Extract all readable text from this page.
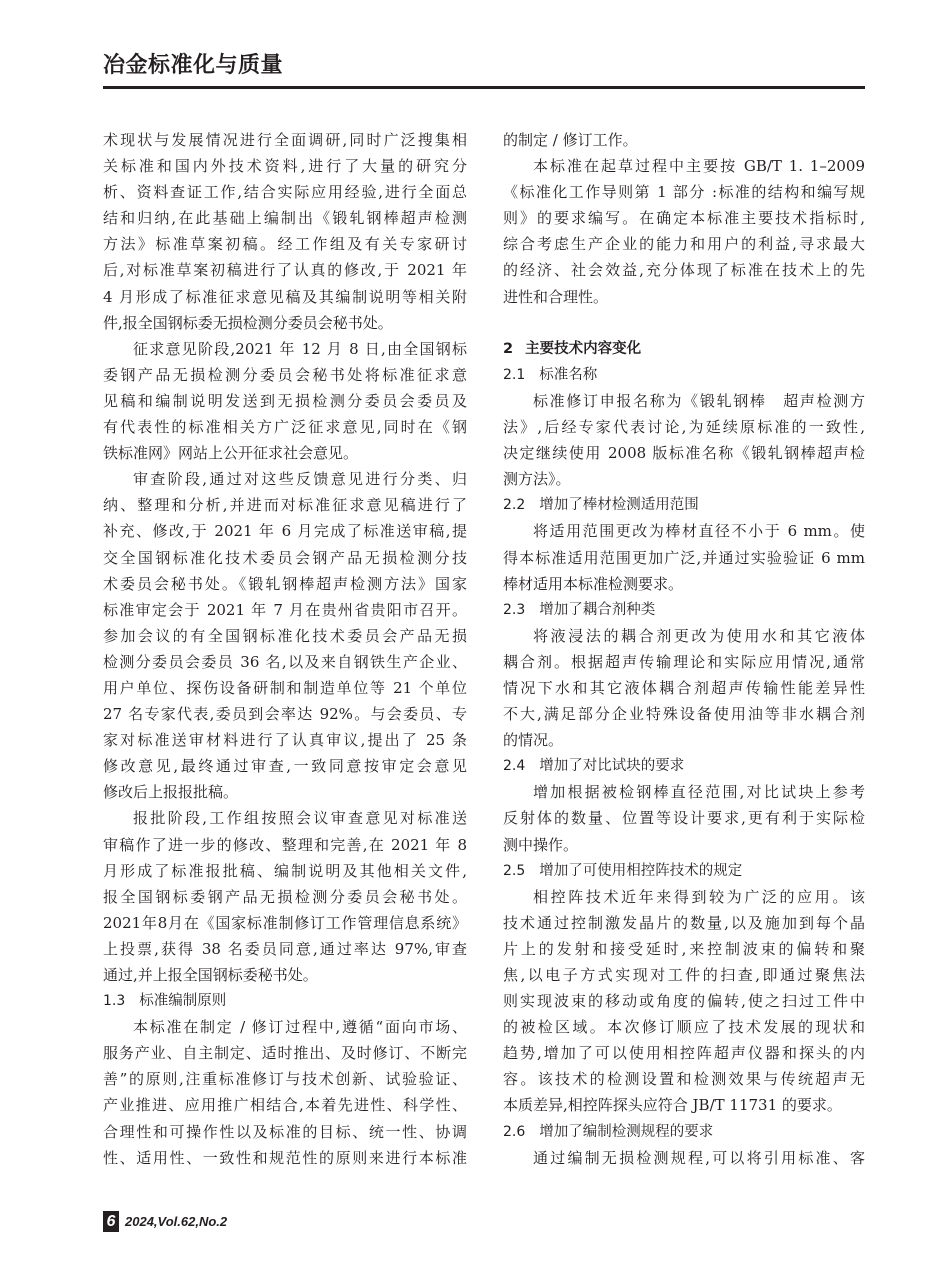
冶金标准化与质量
术现状与发展情况进行全面调研,同时广泛搜集相
关标准和国内外技术资料,进行了大量的研究分
析、资料查证工作,结合实际应用经验,进行全面总
结和归纳,在此基础上编制出《锻轧钢棒超声检测
方法》标准草案初稿。经工作组及有关专家研讨
后,对标准草案初稿进行了认真的修改,于 2021 年
4 月形成了标准征求意见稿及其编制说明等相关附
件,报全国钢标委无损检测分委员会秘书处。
征求意见阶段,2021 年 12 月 8 日,由全国钢标
委钢产品无损检测分委员会秘书处将标准征求意
见稿和编制说明发送到无损检测分委员会委员及
有代表性的标准相关方广泛征求意见,同时在《钢
铁标准网》网站上公开征求社会意见。
审查阶段,通过对这些反馈意见进行分类、归
纳、整理和分析,并进而对标准征求意见稿进行了
补充、修改,于 2021 年 6 月完成了标准送审稿,提
交全国钢标准化技术委员会钢产品无损检测分技
术委员会秘书处。《锻轧钢棒超声检测方法》国家
标准审定会于 2021 年 7 月在贵州省贵阳市召开。
参加会议的有全国钢标准化技术委员会产品无损
检测分委员会委员 36 名,以及来自钢铁生产企业、
用户单位、探伤设备研制和制造单位等 21 个单位
27 名专家代表,委员到会率达 92%。与会委员、专
家对标准送审材料进行了认真审议,提出了 25 条
修改意见,最终通过审查,一致同意按审定会意见
修改后上报报批稿。
报批阶段,工作组按照会议审查意见对标准送
审稿作了进一步的修改、整理和完善,在 2021 年 8
月形成了标准报批稿、编制说明及其他相关文件,
报全国钢标委钢产品无损检测分委员会秘书处。
2021年8月在《国家标准制修订工作管理信息系统》
上投票,获得 38 名委员同意,通过率达 97%,审查
通过,并上报全国钢标委秘书处。
1.3 标准编制原则
本标准在制定 / 修订过程中,遵循“面向市场、
服务产业、自主制定、适时推出、及时修订、不断完
善”的原则,注重标准修订与技术创新、试验验证、
产业推进、应用推广相结合,本着先进性、科学性、
合理性和可操作性以及标准的目标、统一性、协调
性、适用性、一致性和规范性的原则来进行本标准
的制定 / 修订工作。
本标准在起草过程中主要按 GB/T 1. 1–2009
《标准化工作导则第 1 部分 :标准的结构和编写规
则》的要求编写。在确定本标准主要技术指标时,
综合考虑生产企业的能力和用户的利益,寻求最大
的经济、社会效益,充分体现了标准在技术上的先
进性和合理性。
2 主要技术内容变化
2.1 标准名称
标准修订申报名称为《锻轧钢棒　超声检测方
法》,后经专家代表讨论,为延续原标准的一致性,
决定继续使用 2008 版标准名称《锻轧钢棒超声检
测方法》。
2.2 增加了棒材检测适用范围
将适用范围更改为棒材直径不小于 6 mm。使
得本标准适用范围更加广泛,并通过实验验证 6 mm
棒材适用本标准检测要求。
2.3 增加了耦合剂种类
将液浸法的耦合剂更改为使用水和其它液体
耦合剂。根据超声传输理论和实际应用情况,通常
情况下水和其它液体耦合剂超声传输性能差异性
不大,满足部分企业特殊设备使用油等非水耦合剂
的情况。
2.4 增加了对比试块的要求
增加根据被检钢棒直径范围,对比试块上参考
反射体的数量、位置等设计要求,更有利于实际检
测中操作。
2.5 增加了可使用相控阵技术的规定
相控阵技术近年来得到较为广泛的应用。该
技术通过控制激发晶片的数量,以及施加到每个晶
片上的发射和接受延时,来控制波束的偏转和聚
焦,以电子方式实现对工件的扫查,即通过聚焦法
则实现波束的移动或角度的偏转,使之扫过工件中
的被检区域。本次修订顺应了技术发展的现状和
趋势,增加了可以使用相控阵超声仪器和探头的内
容。该技术的检测设置和检测效果与传统超声无
本质差异,相控阵探头应符合 JB/T 11731 的要求。
2.6 增加了编制检测规程的要求
通过编制无损检测规程,可以将引用标准、客
6 2024,Vol.62,No.2
